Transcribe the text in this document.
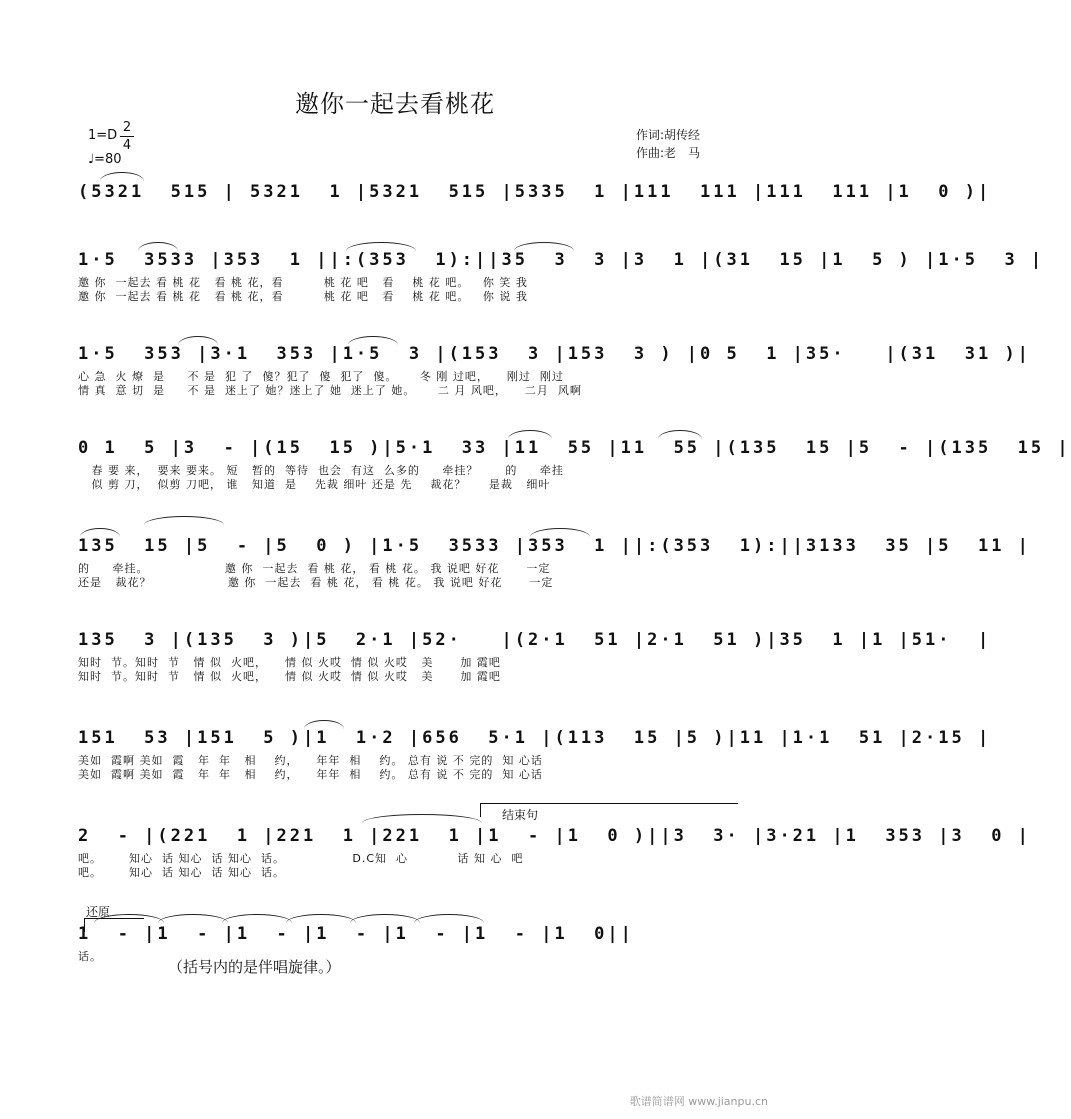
邀你一起去看桃花
1=D
2
4
♩=80
作词:胡传经
作曲:老　马
(5321  515 | 5321  1 |5321  515 |5335  1 |111  111 |111  111 |1  0 )|
1·5  3533 |353  1 ||:(353  1):||35  3  3 |3  1 |(31  15 |1  5 ) |1·5  3 |
邀 你  一起去 看 桃 花   看 桃 花，看         桃 花 吧   看    桃 花 吧。   你 笑 我
邀 你  一起去 看 桃 花   看 桃 花，看         桃 花 吧   看    桃 花 吧。   你 说 我
1·5  353 |3·1  353 |1·5  3 |(153  3 |153  3 ) |0 5  1 |35·   |(31  31 )|
心 急  火 燎  是     不 是  犯 了  傻？犯了  傻  犯了  傻。     冬 刚 过吧，    刚过  刚过
情 真  意 切  是     不 是  迷上了 她？迷上了 她  迷上了 她。     二 月 风吧，    二月  风啊
0 1  5 |3  - |(15  15 )|5·1  33 |11  55 |11  55 |(135  15 |5  - |(135  15 |
春 要 来，  要来 要来。 短   暂的  等待  也会  有这  么多的     牵挂？      的     牵挂
似 剪 刀，  似剪 刀吧， 谁   知道  是    先裁 细叶 还是 先    裁花？     是裁   细叶
135  15 |5  - |5  0 ) |1·5  3533 |353  1 ||:(353  1):||3133  35 |5  11 |
的     牵挂。                 邀 你  一起去  看 桃 花， 看 桃 花。 我 说吧 好花      一定
还是   裁花？                 邀 你  一起去  看 桃 花， 看 桃 花。 我 说吧 好花      一定
135  3 |(135  3 )|5  2·1 |52·   |(2·1  51 |2·1  51 )|35  1 |1 |51·  |
知时  节。知时  节   情 似  火吧，    情 似 火哎  情 似 火哎   美      加 霞吧
知时  节。知时  节   情 似  火吧，    情 似 火哎  情 似 火哎   美      加 霞吧
151  53 |151  5 )|1  1·2 |656  5·1 |(113  15 |5 )|11 |1·1  51 |2·15 |
美如  霞啊 美如  霞   年  年   相    约，    年年  相    约。 总有 说 不 完的  知 心话
美如  霞啊 美如  霞   年  年   相    约，    年年  相    约。 总有 说 不 完的  知 心话
结束句
2  - |(221  1 |221  1 |221  1 |1  - |1  0 )||3  3· |3·21 |1  353 |3  0 |
吧。      知心  话 知心  话 知心  话。               D.C知  心           话 知 心  吧
吧。      知心  话 知心  话 知心  话。
还原
1  - |1  - |1  - |1  - |1  - |1  - |1  0||
话。
（括号内的是伴唱旋律。）
歌谱简谱网 www.jianpu.cn
